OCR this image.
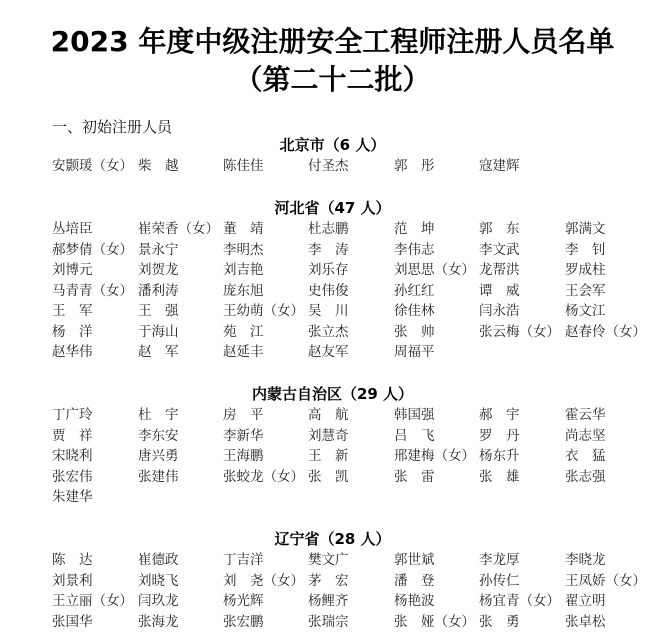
2023 年度中级注册安全工程师注册人员名单
（第二十二批）
一、初始注册人员
北京市（6 人）
安颢瑗（女） 柴　越	陈佳佳	付圣杰	郭　彤	寇建辉
河北省（47 人）
丛培臣	崔荣香（女） 董　靖	杜志鹏	范　坤	郭　东	郭满文
郝梦倩（女） 景永宁	李明杰	李　涛	李伟志	李文武	李　钊
刘博元	刘贺龙	刘吉艳	刘乐存	刘思思（女） 龙帮洪	罗成柱
马青青（女） 潘利涛	庞东旭	史伟俊	孙红红	谭　威	王会军
王　军	王　强	王幼萌（女） 吴　川	徐佳林	闫永浩	杨文江
杨　洋	于海山	苑　江	张立杰	张　帅	张云梅（女） 赵春伶（女）
赵华伟	赵　军	赵延丰	赵友军	周福平
内蒙古自治区（29 人）
丁广玲	杜　宇	房　平	高　航	韩国强	郝　宇	霍云华
贾　祥	李东安	李新华	刘慧奇	吕　飞	罗　丹	尚志坚
宋晓利	唐兴勇	王海鹏	王　新	邢建梅（女） 杨东升	衣　猛
张宏伟	张建伟	张蛟龙（女） 张　凯	张　雷	张　雄	张志强
朱建华
辽宁省（28 人）
陈　达	崔德政	丁吉洋	樊文广	郭世斌	李龙厚	李晓龙
刘景利	刘晓飞	刘　尧（女） 茅　宏	潘　登	孙传仁	王凤娇（女）
王立丽（女） 闫玖龙	杨光辉	杨鲤齐	杨艳波	杨宜青（女） 翟立明
张国华	张海龙	张宏鹏	张瑞宗	张　娅（女） 张　勇	张卓松
